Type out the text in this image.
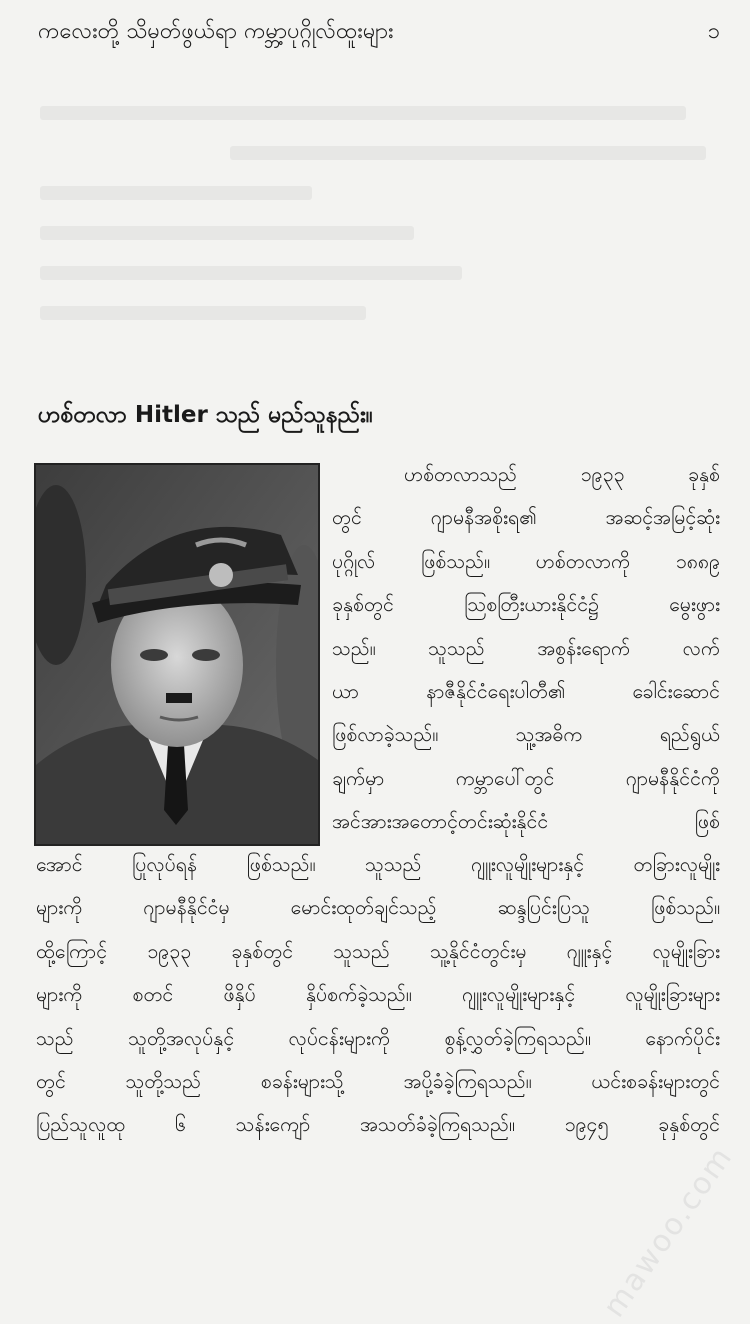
ကလေးတို့ သိမှတ်ဖွယ်ရာ ကမ္ဘာ့ပုဂ္ဂိုလ်ထူးများ	၁
ဟစ်တလာ Hitler သည် မည်သူနည်း။
ဟစ်တလာသည် ၁၉၃၃ ခုနှစ်
တွင် ဂျာမနီအစိုးရ၏ အဆင့်အမြင့်ဆုံး
ပုဂ္ဂိုလ် ဖြစ်သည်။ ဟစ်တလာကို ၁၈၈၉
ခုနှစ်တွင် သြစတြီးယားနိုင်ငံ၌ မွေးဖွား
သည်။ သူသည် အစွန်းရောက် လက်
ယာ နာဇီနိုင်ငံရေးပါတီ၏ ခေါင်းဆောင်
ဖြစ်လာခဲ့သည်။ သူ့အဓိက ရည်ရွယ်
ချက်မှာ ကမ္ဘာပေါ်တွင် ဂျာမနီနိုင်ငံကို
အင်အားအတောင့်တင်းဆုံးနိုင်ငံ ဖြစ်
အောင် ပြုလုပ်ရန် ဖြစ်သည်။ သူသည် ဂျူးလူမျိုးများနှင့် တခြားလူမျိုး
များကို ဂျာမနီနိုင်ငံမှ မောင်းထုတ်ချင်သည့် ဆန္ဒပြင်းပြသူ ဖြစ်သည်။
ထို့ကြောင့် ၁၉၃၃ ခုနှစ်တွင် သူသည် သူ့နိုင်ငံတွင်းမှ ဂျူးနှင့် လူမျိုးခြား
များကို စတင် ဖိနှိပ် နှိပ်စက်ခဲ့သည်။ ဂျူးလူမျိုးများနှင့် လူမျိုးခြားများ
သည် သူတို့အလုပ်နှင့် လုပ်ငန်းများကို စွန့်လွှတ်ခဲ့ကြရသည်။ နောက်ပိုင်း
တွင် သူတို့သည် စခန်းများသို့ အပို့ခံခဲ့ကြရသည်။ ယင်းစခန်းများတွင်
ပြည်သူလူထု ၆ သန်းကျော် အသတ်ခံခဲ့ကြရသည်။ ၁၉၄၅ ခုနှစ်တွင်
mawoo.com
